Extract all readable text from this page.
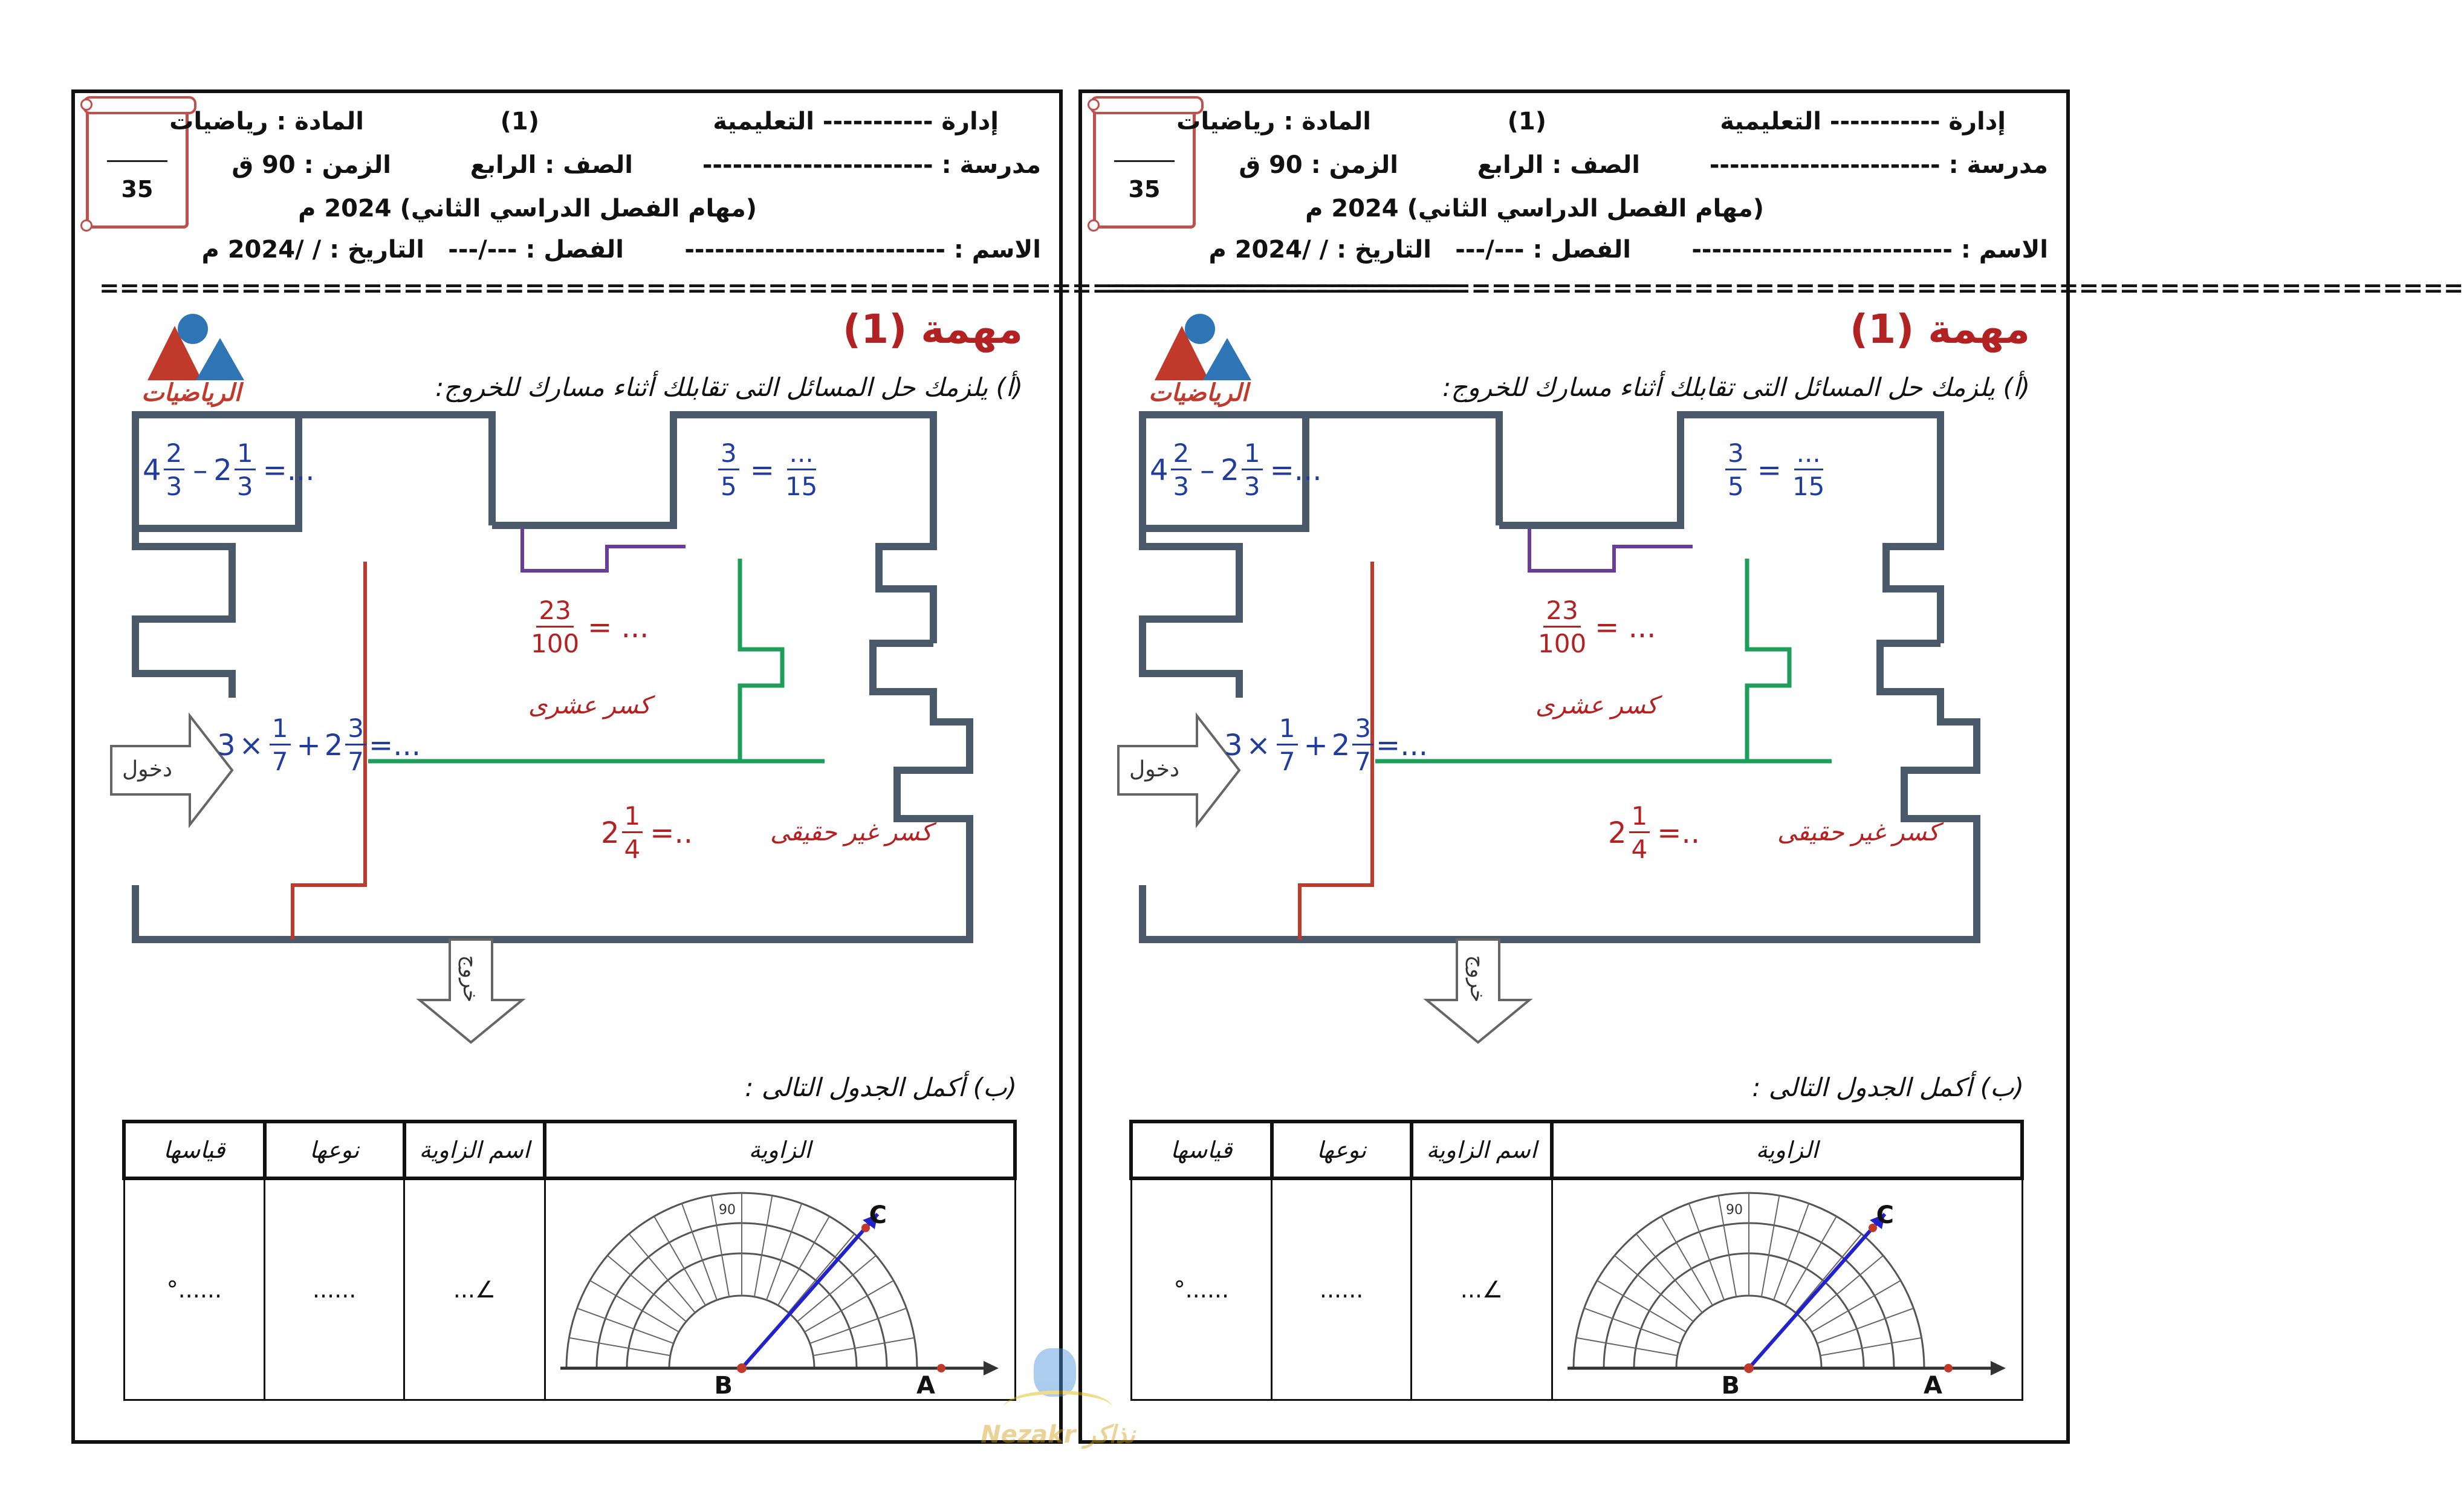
35
إدارة ----------- التعليمية
(1)
المادة : رياضيات
مدرسة : -----------------------
الصف : الرابع
الزمن : 90 ق
(مهام الفصل الدراسي الثاني) 2024 م
الاسم : --------------------------
الفصل : ---/---
التاريخ : / /2024 م
===================================================================
الرياضيات
مهمة (1)
(أ) يلزمك حل المسائل التى تقابلك أثناء مسارك للخروج:
$4 \frac{2}{3} - 2 \frac{1}{3}$ =...	$\frac{3}{5} = \frac{...}{15}$
$\frac{23}{100}$ = ...
كسر عشرى
$3 \times \frac{1}{7} + 2 \frac{3}{7}$ =...
$2 \frac{1}{4}$ =..	كسر غير حقيقى
دخول
خروج
(ب) أكمل الجدول التالى :
الزاوية	اسم الزاوية	نوعها	قياسها

B A
C
90	∠...	......	......°
35
إدارة ----------- التعليمية
(1)
المادة : رياضيات
مدرسة : -----------------------
الصف : الرابع
الزمن : 90 ق
(مهام الفصل الدراسي الثاني) 2024 م
الاسم : --------------------------
الفصل : ---/---
التاريخ : / /2024 م
===================================================================
الرياضيات
مهمة (1)
(أ) يلزمك حل المسائل التى تقابلك أثناء مسارك للخروج:
$4 \frac{2}{3} - 2 \frac{1}{3}$ =...	$\frac{3}{5} = \frac{...}{15}$
$\frac{23}{100}$ = ...
كسر عشرى
$3 \times \frac{1}{7} + 2 \frac{3}{7}$ =...
$2 \frac{1}{4}$ =..	كسر غير حقيقى
دخول
خروج
(ب) أكمل الجدول التالى :
الزاوية	اسم الزاوية	نوعها	قياسها

B A
C
90	∠...	......	......°
Nezakr نذاكر
